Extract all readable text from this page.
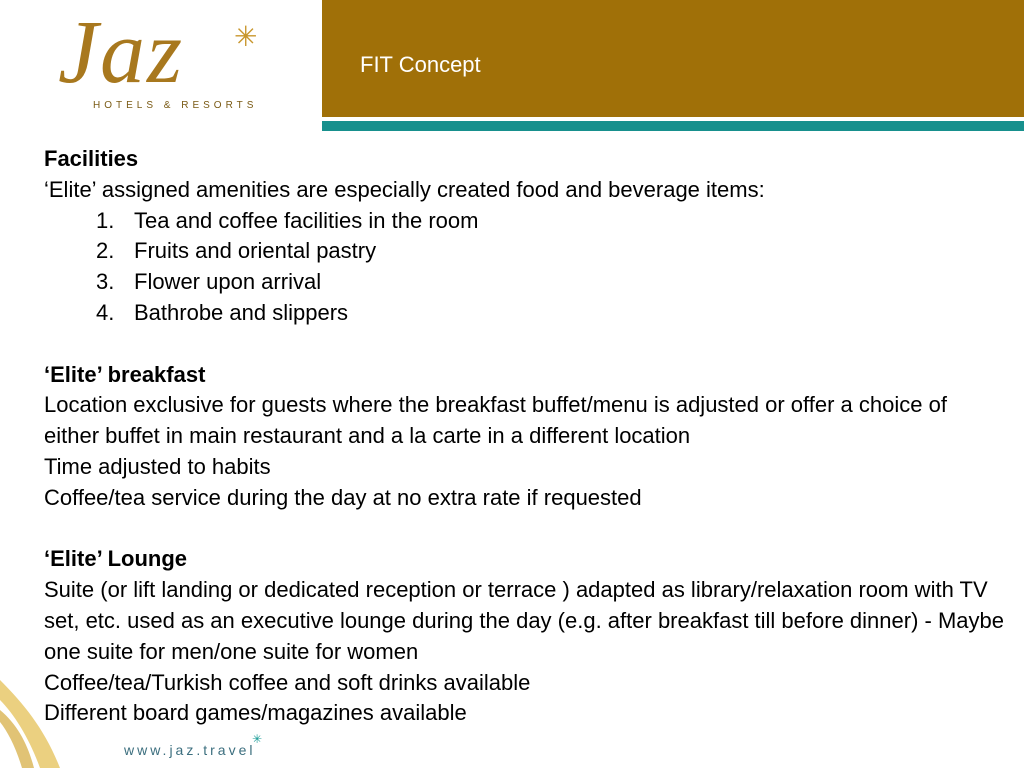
Jaz ✳
HOTELS & RESORTS
FIT Concept

Facilities

‘Elite’ assigned amenities are especially created food and beverage items:

1. Tea and coffee facilities in the room
2. Fruits and oriental pastry
3. Flower upon arrival
4. Bathrobe and slippers

‘Elite’ breakfast

Location exclusive for guests where the breakfast buffet/menu is adjusted or offer a choice of either buffet in main restaurant and a la carte in a different location

Time adjusted to habits

Coffee/tea service during the day at no extra rate if requested

‘Elite’ Lounge

Suite (or lift landing or dedicated reception or terrace ) adapted as library/relaxation room with TV set, etc. used as an executive lounge during the day (e.g. after breakfast till before dinner) - Maybe one suite for men/one suite for women

Coffee/tea/Turkish coffee and soft drinks available

Different board games/magazines available

www.jaz.travel
✳
